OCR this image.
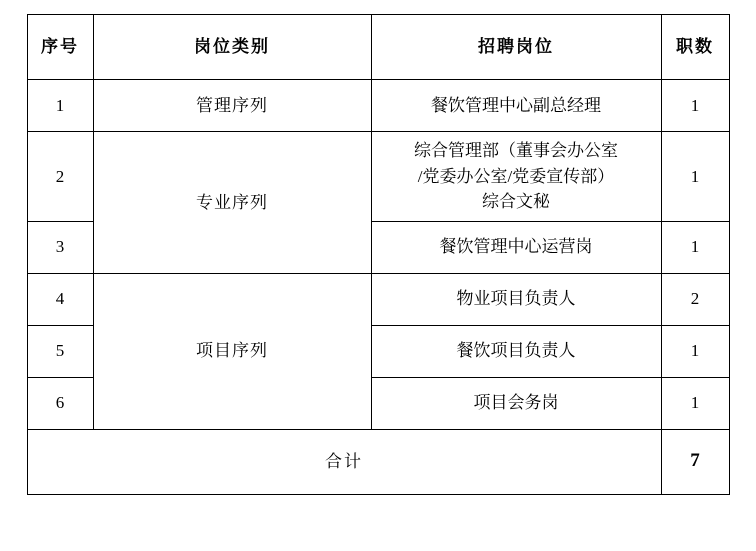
序号	岗位类别	招聘岗位	职数
1	管理序列	餐饮管理中心副总经理	1
2	专业序列	综合管理部（董事会办公室
/党委办公室/党委宣传部）
综合文秘	1
3		餐饮管理中心运营岗	1
4	项目序列	物业项目负责人	2
5		餐饮项目负责人	1
6		项目会务岗	1
合计			7
